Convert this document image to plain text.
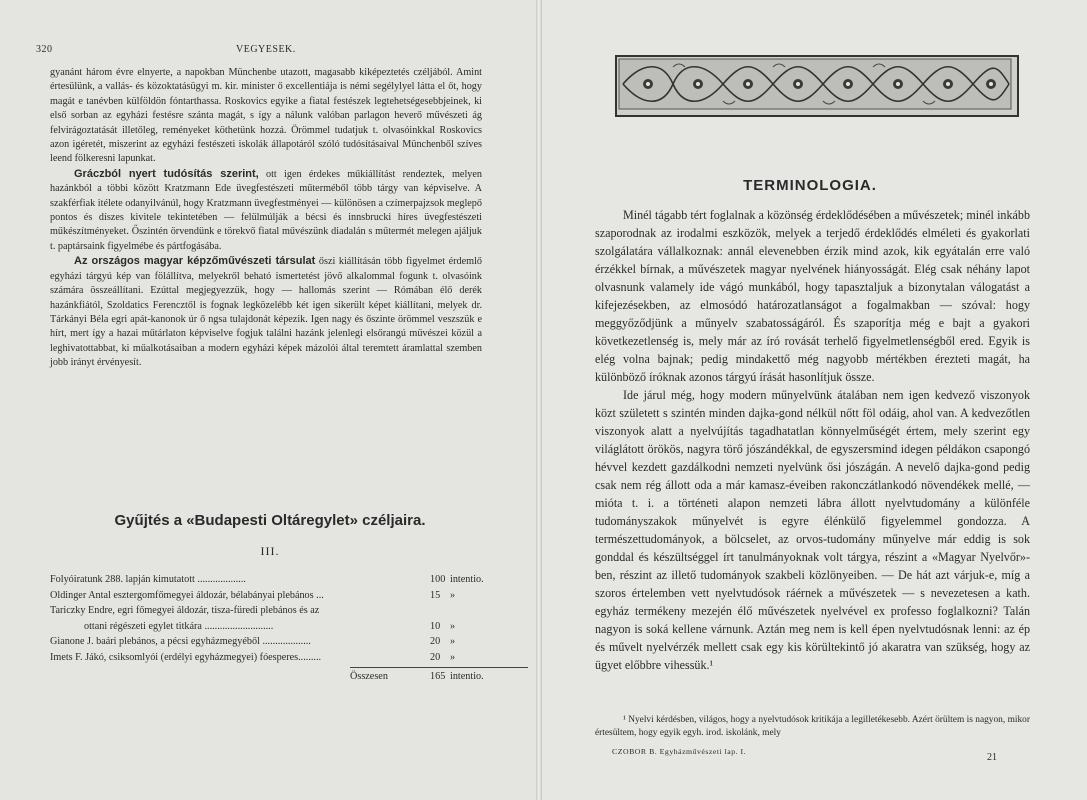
320	VEGYESEK.

gyanánt három évre elnyerte, a napokban Münchenbe utazott, magasabb kiképeztetés czéljából. Amint értesülünk, a vallás- és közoktatásügyi m. kir. minister ő excellentiája is némi segélylyel látta el őt, hogy magát e tanévben külföldön fóntarthassa. Roskovics egyike a fiatal festészek legtehetségesebbjeinek, ki első sorban az egyházi festésre szánta magát, s így a nálunk valóban parlagon heverő művészeti ág felvirágoztatását illetőleg, reményeket köthetünk hozzá. Örömmel tudatjuk t. olvasóinkkal Roskovics azon igéretét, miszerint az egyházi festészeti iskolák állapotáról szóló tudósításaival Münchenből szíves leend fölkeresni lapunkat.

Gráczból nyert tudósítás szerint, ott igen érdekes műkiállítást rendeztek, melyen hazánkból a többi között Kratzmann Ede üvegfestészeti műterméből több tárgy van képviselve. A szakférfiak itélete odanyilvánúl, hogy Kratzmann üvegfestményei — különösen a czímerpajzsok meglepő pontos és díszes kivitele tekintetében — felülmúlják a bécsi és innsbrucki híres üvegfestészeti műkészítményeket. Őszintén örvendünk e törekvő fiatal művészünk diadalán s műtermét melegen ajáljuk t. paptársaink figyelmébe és pártfogásába.

Az országos magyar képzőművészeti társulat őszi kiállításán több figyelmet érdemlő egyházi tárgyú kép van fölállítva, melyekről beható ismertetést jövő alkalommal fogunk t. olvasóink számára összeállítani. Ezúttal megjegyezzük, hogy — hallomás szerint — Rómában élő derék hazánkfiától, Szoldatics Ferencztől is fognak legközelébb két igen sikerült képet kiállítani, melyek dr. Tárkányi Béla egri apát-kanonok úr ő ngsa tulajdonát képezik. Igen nagy és őszinte örömmel veszszük e hírt, mert így a hazai műtárlaton képviselve fogjuk találni hazánk jelenlegi elsőrangú művészei közül a leghivatottabbat, ki műalkotásaiban a modern egyházi képek mázolói által teremtett áramlattal szemben jobb irányt érvényesít.

Gyűjtés a «Budapesti Oltáregylet» czéljaira.
III.
Folyóiratunk 288. lapján kimutatott ...................	100 intentio.
Oldinger Antal esztergomfőmegyei áldozár, bélabányai plebános ...	15 »
Tariczky Endre, egri főmegyei áldozár, tisza-füredi plebános és az
ottani régészeti egylet titkára ...........................	10 »
Gianone J. baári plebános, a pécsi egyházmegyéből ...................	20 »
Imets F. Jákó, csiksomlyói (erdélyi egyházmegyei) fóesperes.........	20 »
Összesen	165 intentio.
TERMINOLOGIA.

Minél tágabb tért foglalnak a közönség érdeklődésében a művészetek; minél inkább szaporodnak az irodalmi eszközök, melyek a terjedő érdeklődés elméleti és gyakorlati szolgálatára vállalkoznak: annál elevenebben érzik mind azok, kik egyátalán erre való érzékkel bírnak, a művészetek magyar nyelvének hiányosságát. Elég csak néhány lapot olvasnunk valamely ide vágó munkából, hogy tapasztaljuk a bizonytalan válogatást a kifejezésekben, az elmosódó határozatlanságot a fogalmakban — szóval: hogy meggyőződjünk a műnyelv szabatosságáról. És szaporítja még e bajt a gyakori következetlenség is, mely már az író rovását terhelő figyelmetlenségből ered. Egyik is elég volna bajnak; pedig mindakettő még nagyobb mértékben érezteti magát, ha különböző íróknak azonos tárgyú írását hasonlítjuk össze.

Ide járul még, hogy modern műnyelvünk átalában nem igen kedvező viszonyok közt született s szintén minden dajka-gond nélkül nőtt föl odáig, ahol van. A kedvezőtlen viszonyok alatt a nyelvújítás tagadhatatlan könnyelműségét értem, mely szerint egy világlátott örökös, nagyra törő jószándékkal, de egyszersmind idegen példákon csapongó hévvel kezdett gazdálkodni nemzeti nyelvünk ősi jószágán. A nevelő dajka-gond pedig csak nem rég állott oda a már kamasz-éveiben rakonczátlankodó növendékek mellé, — mióta t. i. a történeti alapon nemzeti lábra állott nyelvtudomány a különféle tudományszakok műnyelvét is egyre élénkülő figyelemmel gondozza. A természettudományok, a bölcselet, az orvos-tudomány műnyelve már eddig is sok gonddal és készültséggel írt tanulmányoknak volt tárgya, részint a «Magyar Nyelvőr»-ben, részint az illető tudományok szakbeli közlönyeiben. — De hát azt várjuk-e, míg a szoros értelemben vett nyelvtudósok ráérnek a művészetek — s nevezetesen a kath. egyház termékeny mezején élő művészetek nyelvével ex professo foglalkozni? Talán nagyon is soká kellene várnunk. Aztán meg nem is kell épen nyelvtudósnak lenni: az ép és művelt nyelvérzék mellett csak egy kis körültekintő jó akaratra van szükség, hogy az ügyet előbbre vihessük.¹

¹ Nyelvi kérdésben, világos, hogy a nyelvtudósok kritikája a legilletékesebb. Azért örültem is nagyon, mikor értesültem, hogy egyik egyh. irod. iskolánk, mely
CZOBOR B. Egyházművészeti lap. I.
21
